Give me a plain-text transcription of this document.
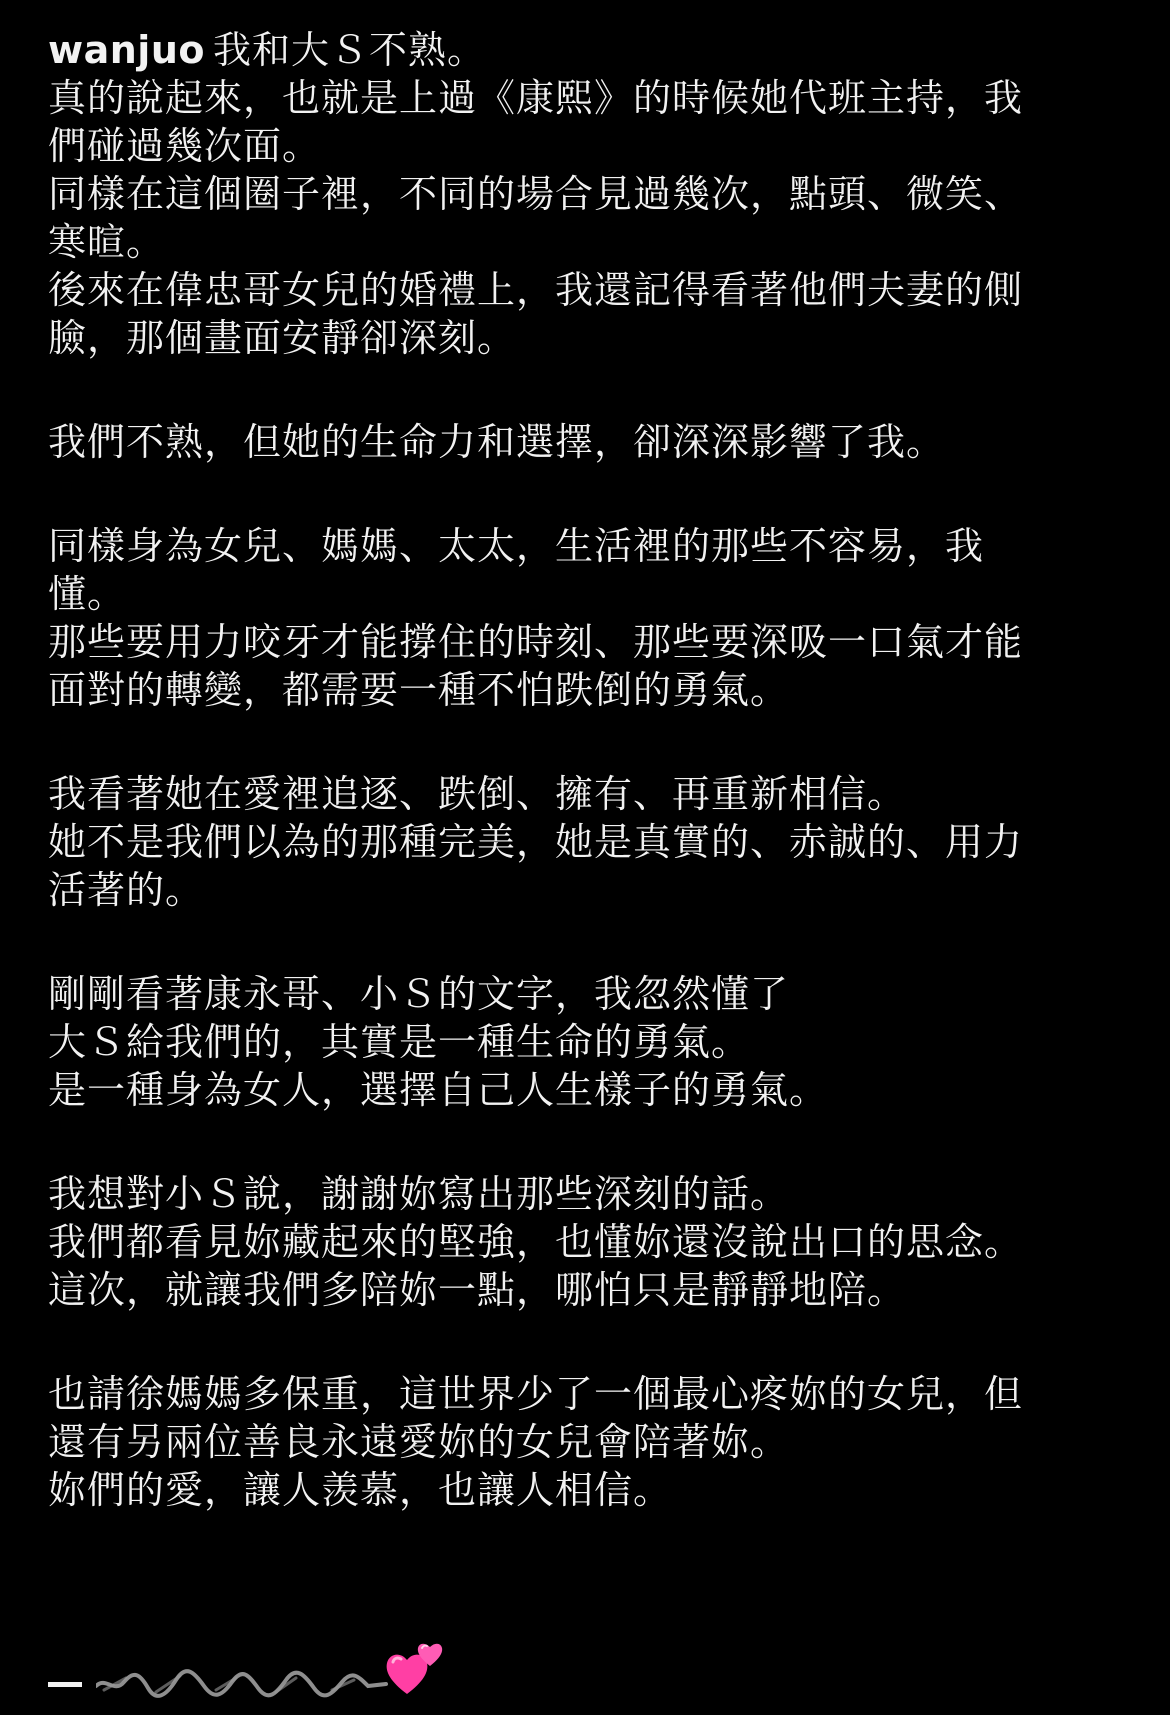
wanjuo 我和大Ｓ不熟。
真的說起來，也就是上過《康熙》的時候她代班主持，我
們碰過幾次面。
同樣在這個圈子裡，不同的場合見過幾次，點頭、微笑、
寒暄。
後來在偉忠哥女兒的婚禮上，我還記得看著他們夫妻的側
臉，那個畫面安靜卻深刻。
我們不熟，但她的生命力和選擇，卻深深影響了我。
同樣身為女兒、媽媽、太太，生活裡的那些不容易，我
懂。
那些要用力咬牙才能撐住的時刻、那些要深吸一口氣才能
面對的轉變，都需要一種不怕跌倒的勇氣。
我看著她在愛裡追逐、跌倒、擁有、再重新相信。
她不是我們以為的那種完美，她是真實的、赤誠的、用力
活著的。
剛剛看著康永哥、小Ｓ的文字，我忽然懂了
大Ｓ給我們的，其實是一種生命的勇氣。
是一種身為女人，選擇自己人生樣子的勇氣。
我想對小Ｓ說，謝謝妳寫出那些深刻的話。
我們都看見妳藏起來的堅強，也懂妳還沒說出口的思念。
這次，就讓我們多陪妳一點，哪怕只是靜靜地陪。
也請徐媽媽多保重，這世界少了一個最心疼妳的女兒，但
還有另兩位善良永遠愛妳的女兒會陪著妳。
妳們的愛，讓人羡慕，也讓人相信。
